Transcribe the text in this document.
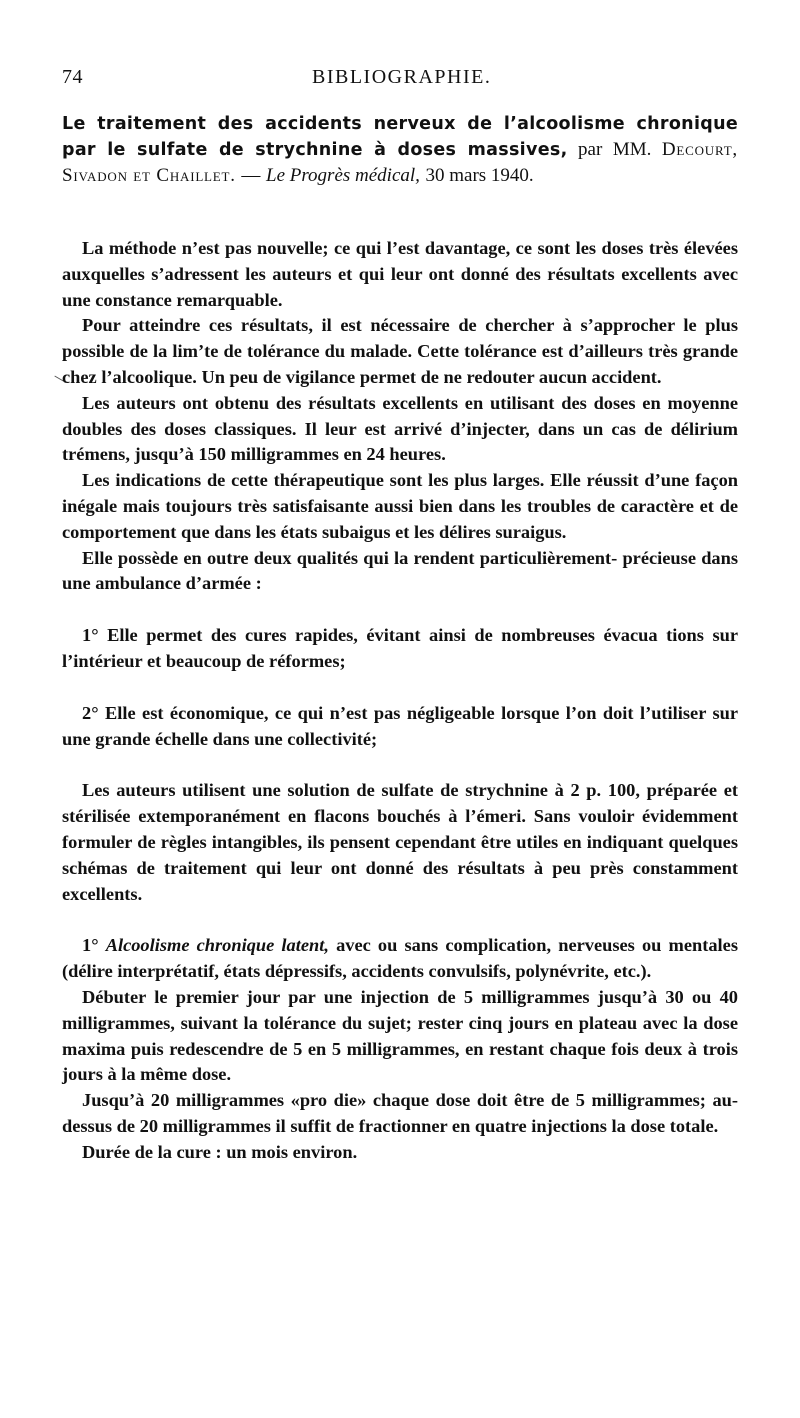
74	BIBLIOGRAPHIE.
Le traitement des accidents nerveux de l’alcoolisme chronique par le sulfate de strychnine à doses massives, par MM. Decourt, Sivadon et Chaillet. — Le Progrès médical, 30 mars 1940.

La méthode n’est pas nouvelle; ce qui l’est davantage, ce sont les doses très élevées auxquelles s’adressent les auteurs et qui leur ont donné des résultats excellents avec une constance remarquable.

Pour atteindre ces résultats, il est nécessaire de chercher à s’approcher le plus possible de la lim’te de tolérance du malade. Cette tolérance est d’ailleurs très grande chez l’alcoolique. Un peu de vigilance permet de ne redouter aucun accident.

Les auteurs ont obtenu des résultats excellents en utilisant des doses en moyenne doubles des doses classiques. Il leur est arrivé d’injecter, dans un cas de délirium trémens, jusqu’à 150 milligrammes en 24 heures.

Les indications de cette thérapeutique sont les plus larges. Elle réussit d’une façon inégale mais toujours très satisfaisante aussi bien dans les troubles de caractère et de comportement que dans les états subaigus et les délires suraigus.

Elle possède en outre deux qualités qui la rendent particulièrement- précieuse dans une ambulance d’armée :

1° Elle permet des cures rapides, évitant ainsi de nombreuses évacua tions sur l’intérieur et beaucoup de réformes;

2° Elle est économique, ce qui n’est pas négligeable lorsque l’on doit l’utiliser sur une grande échelle dans une collectivité;

Les auteurs utilisent une solution de sulfate de strychnine à 2 p. 100, préparée et stérilisée extemporanément en flacons bouchés à l’émeri. Sans vouloir évidemment formuler de règles intangibles, ils pensent cependant être utiles en indiquant quelques schémas de traitement qui leur ont donné des résultats à peu près constamment excellents.

1° Alcoolisme chronique latent, avec ou sans complication, nerveuses ou mentales (délire interprétatif, états dépressifs, accidents convulsifs, polynévrite, etc.).

Débuter le premier jour par une injection de 5 milligrammes jusqu’à 30 ou 40 milligrammes, suivant la tolérance du sujet; rester cinq jours en plateau avec la dose maxima puis redescendre de 5 en 5 milligrammes, en restant chaque fois deux à trois jours à la même dose.

Jusqu’à 20 milligrammes «pro die» chaque dose doit être de 5 milligrammes; au-dessus de 20 milligrammes il suffit de fractionner en quatre injections la dose totale.

Durée de la cure : un mois environ.
